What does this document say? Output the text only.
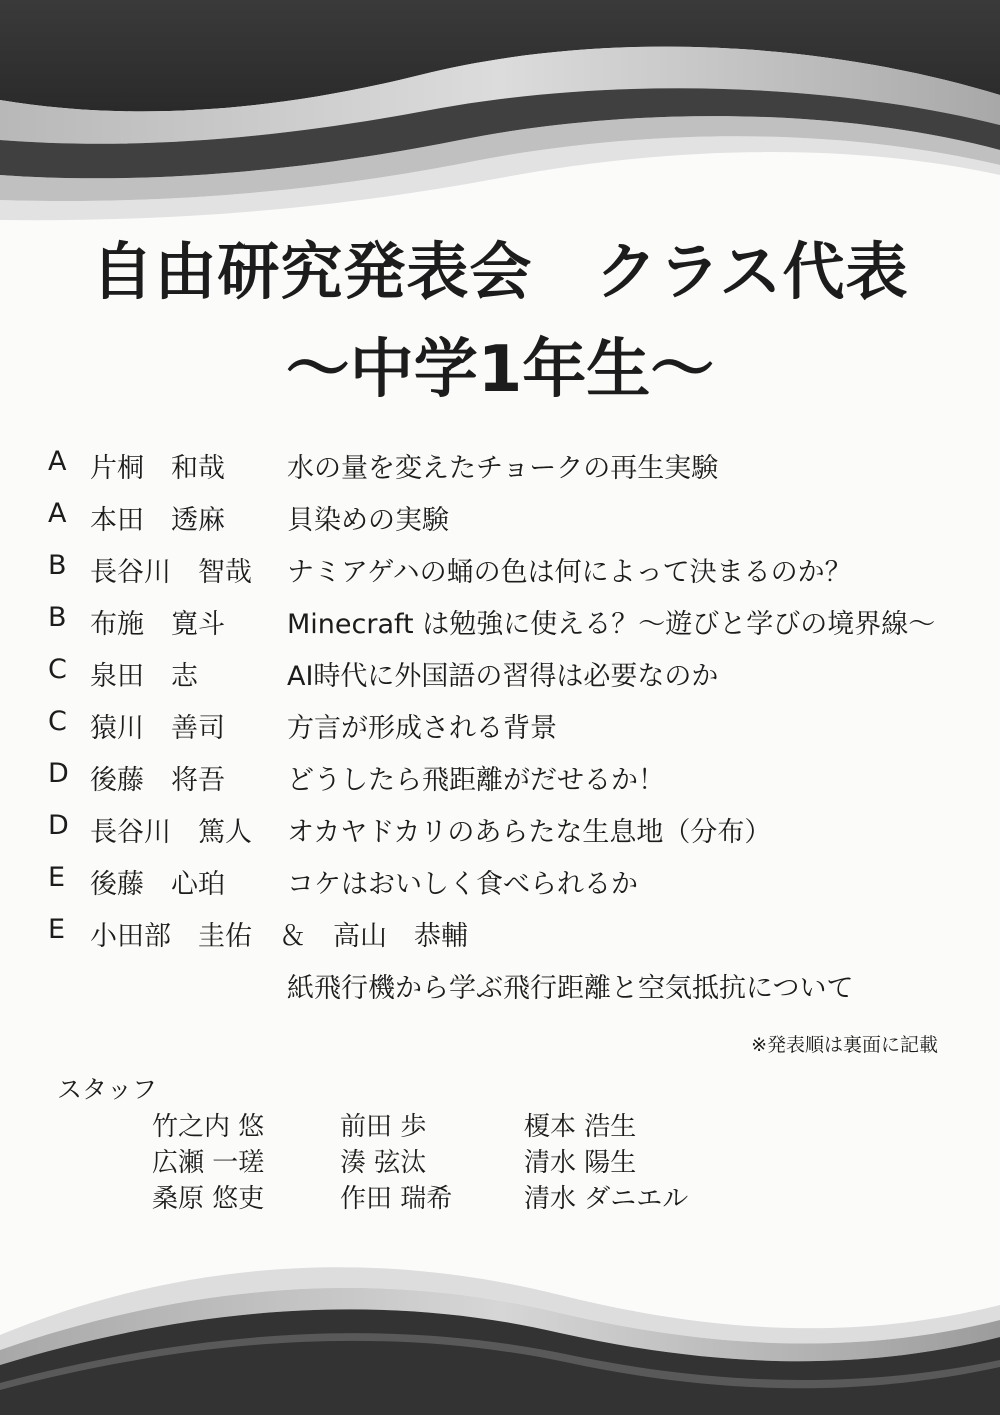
自由研究発表会　クラス代表
～中学1年生～
A 片桐　和哉 水の量を変えたチョークの再生実験
A 本田　透麻 貝染めの実験
B 長谷川　智哉 ナミアゲハの蛹の色は何によって決まるのか？
B 布施　寛斗 Minecraft は勉強に使える？～遊びと学びの境界線～
C 泉田　志	AI時代に外国語の習得は必要なのか
C 猿川　善司 方言が形成される背景
D 後藤　将吾 どうしたら飛距離がだせるか！
D 長谷川　篤人 オカヤドカリのあらたな生息地（分布）
E 後藤　心珀 コケはおいしく食べられるか
E 小田部　圭佑　＆　高山　恭輔
紙飛行機から学ぶ飛行距離と空気抵抗について
※発表順は裏面に記載
スタッフ
竹之内 悠
広瀬 一瑳
桑原 悠吏
前田 歩
湊 弦汰
作田 瑞希
榎本 浩生
清水 陽生
清水 ダニエル
